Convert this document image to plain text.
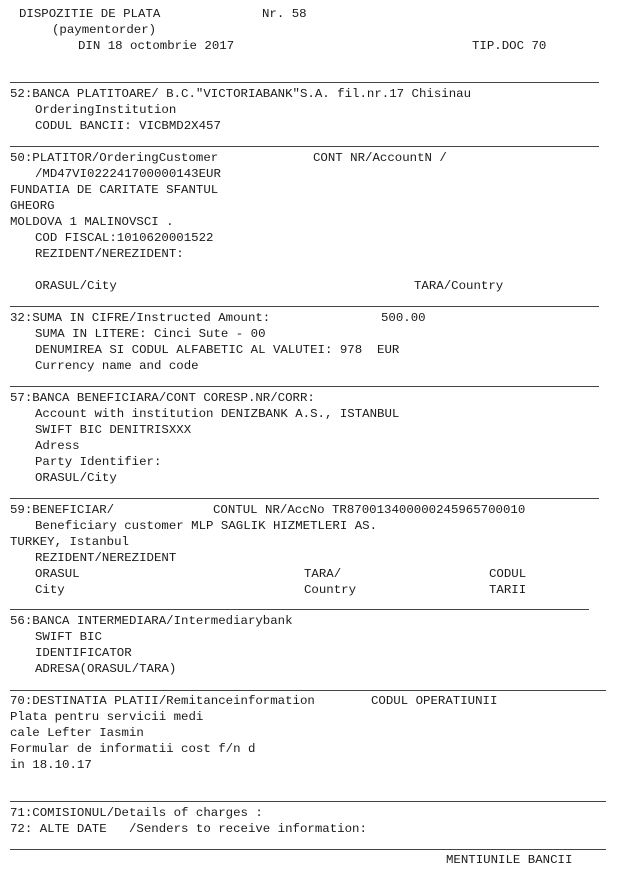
DISPOZITIE DE PLATA	Nr. 58
(paymentorder)
DIN 18 octombrie 2017	TIP.DOC 70
52:BANCA PLATITOARE/ B.C."VICTORIABANK"S.A. fil.nr.17 Chisinau
OrderingInstitution
CODUL BANCII: VICBMD2X457
50:PLATITOR/OrderingCustomer	CONT NR/AccountN /
/MD47VI022241700000143EUR
FUNDATIA DE CARITATE SFANTUL
GHEORG
MOLDOVA 1 MALINOVSCI .
COD FISCAL:1010620001522
REZIDENT/NEREZIDENT:
ORASUL/City	TARA/Country
32:SUMA IN CIFRE/Instructed Amount:	500.00
SUMA IN LITERE: Cinci Sute - 00
DENUMIREA SI CODUL ALFABETIC AL VALUTEI: 978  EUR
Currency name and code
57:BANCA BENEFICIARA/CONT CORESP.NR/CORR:
Account with institution DENIZBANK A.S., ISTANBUL
SWIFT BIC DENITRISXXX
Adress
Party Identifier:
ORASUL/City
59:BENEFICIAR/	CONTUL NR/AccNo TR870013400000245965700010
Beneficiary customer MLP SAGLIK HIZMETLERI AS.
TURKEY, Istanbul
REZIDENT/NEREZIDENT
ORASUL	TARA/	CODUL
City	Country	TARII
56:BANCA INTERMEDIARA/Intermediarybank
SWIFT BIC
IDENTIFICATOR
ADRESA(ORASUL/TARA)
70:DESTINATIA PLATII/Remitanceinformation	CODUL OPERATIUNII
Plata pentru servicii medi
cale Lefter Iasmin
Formular de informatii cost f/n d
in 18.10.17
71:COMISIONUL/Details of charges :
72: ALTE DATE   /Senders to receive information:
MENTIUNILE BANCII
